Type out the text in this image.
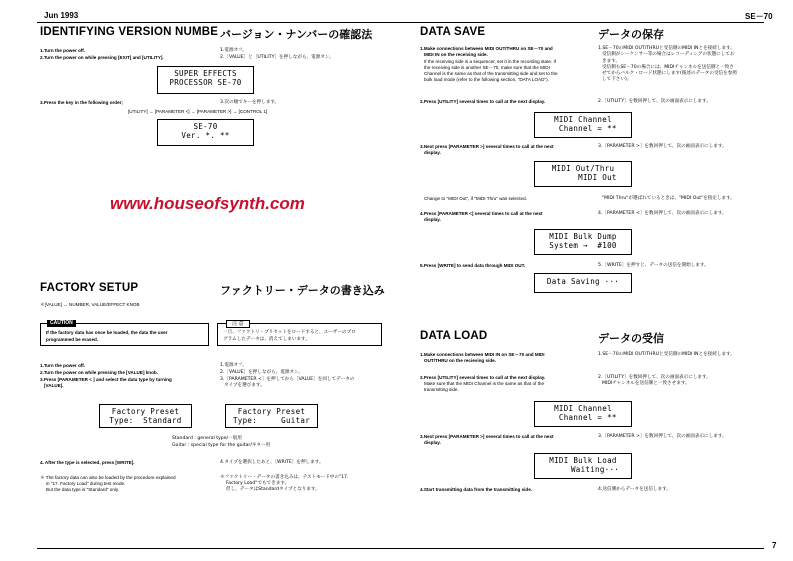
Jun 1993	SE－70
7
IDENTIFYING VERSION NUMBE バージョン・ナンバーの確認法
1.Turn the power off.
2.Turn the power on while pressing [EXIT] and [UTILITY].
1.電源オフ。
2.［VALUE］と［UTILITY］を押しながら、電源オン。
SUPER EFFECTS
PROCESSOR SE-70
3.Press the key in the following order;	3.次の順でキーを押します。
[UTILITY] → [PARAMETER <] → [PARAMETER >] → [CONTROL 1]
SE-70
Ver. *. **
www.houseofsynth.com
FACTORY SETUP	ファクトリー・データの書き込み
＊[VALUE] → NUMBER, VALUE/EFFECT KNOB
CAUTION
If the factory data has once be loaded, the data the user
programmed be erased.
注 意
一旦、ファクトリ・プリセットをロードすると、ユーザーのプロ
グラムしたデータは、消えてしまいます。
1.Turn the power off.
2.Turn the power on while pressing the [VALUE] knob.
3.Press [PARAMETER < ] and select the data type by turning
[VALUE].
1.電源オフ。
2.［VALUE］を押しながら、電源オン。
3.［PARAMETER <］を押してから［VALUE］を回してデータの
タイプを選びます。
Factory Preset
Type:  Standard
Factory Preset
Type:     Guitar
Standard : general type/一般用
Guitar : special type for the guitar/ギター用
4. After the type is selected, press [WRITE].	4.タイプを選択したあと、［WRITE］を押します。
＊ The factory data can also be loaded by the procedure explained
in "17. Factory Load" during test mode.
But the data type is "Standard" only.
＊ファクトリー・データの書き込みは、テストモード中の"17.
Factory Load"でもできます。
但し、データはStandardタイプとなります。
DATA SAVE	データの保存
1.Make connections between MIDI OUT/THRU on SE－70 and
MIDI IN on the receiving side.
If the receiving side is a sequencer, set it in the recording state. If
the receiving side is another SE－70, make sure that the MIDI
Channel is the same as that of the transmitting side and set to the
bulk load mode (refer to the following section, "DATA LOAD").
1.SE－70のMIDI OUT/THRUと受信側のMIDI INとを接続します。
受信側がシーケンサー等の場合はレコーディングの状態にしてお
きます。
受信側もSE－70の場合には、MIDIチャンネルを送信側と一致さ
せてからバルク・ロード状態にします(後述のデータの受信を参照
して下さい)。
2.Press [UTILITY] several times to call at the next display.	2.［UTILITY］を数回押して、次の画面表示にします。
MIDI Channel
Channel = **
3.Next press [PARAMETER >] several times to call at the next
display.
3.［PARAMETER >］を数回押して、次の画面表示にします。
MIDI Out/Thru
MIDI Out
Change to "MIDI Out", if "MIDI Thru" was selected.	"MIDI Thru"が選ばれているときは、"MIDI Out"を指定します。
4.Press [PARAMETER <] several times to call at the next
display.
4.［PARAMETER <］を数回押して、次の画面表示にします。
MIDI Bulk Dump
System →  #100
5.Press [WRITE] to send data through MIDI OUT.	5.［WRITE］を押すと、データの送信を開始します。
Data Saving ···
DATA LOAD	データの受信
1.Make connections between MIDI IN on SE－70 and MIDI
OUT/THRU on the recieving side.
1.SE－70のMIDI OUT/THRUと受信側のMIDI INとを接続します。
2.Press [UTILITY] several times to call at the next display.
Make sure that the MIDI Channel is the same as that of the
transmitting side.
2.［UTILITY］を数回押して、次の画面表示にします。
MIDIチャンネルを送信側と一致させます。
MIDI Channel
Channel = **
3.Next press [PARAMETER >] several times to call at the next
display.
3.［PARAMETER >］を数回押して、次の画面表示にします。
MIDI Bulk Load
Waiting···
4.Start transmitting data from the transmitting side.	4.送信側からデータを送信します。
